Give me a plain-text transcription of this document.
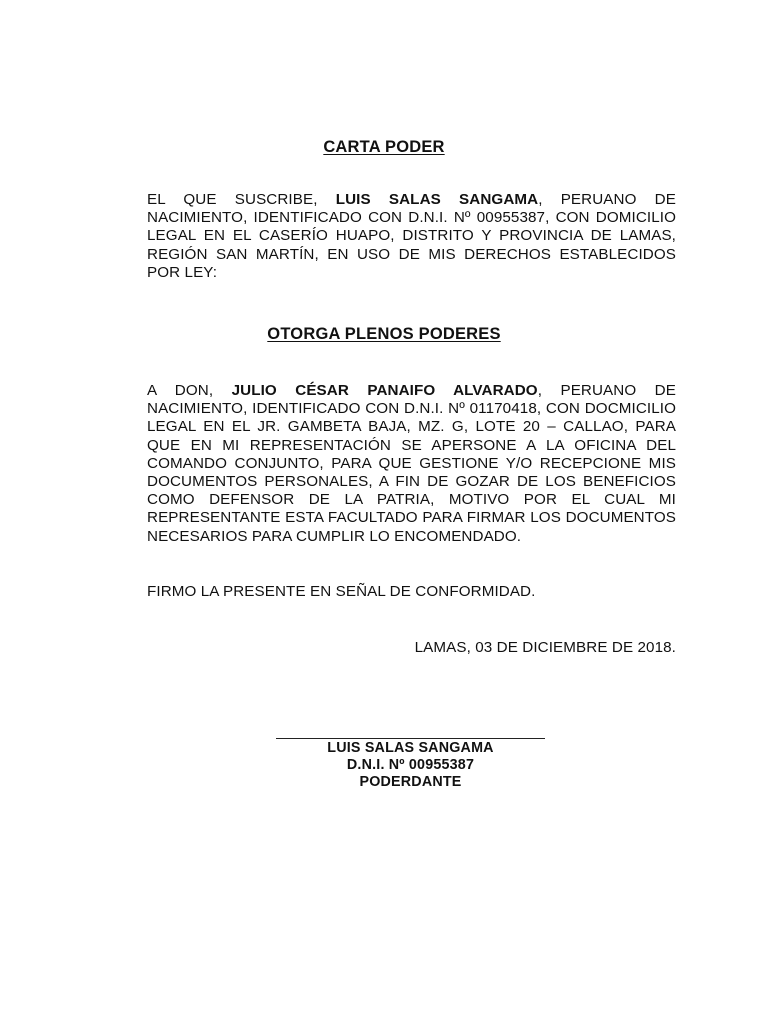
CARTA PODER
EL QUE SUSCRIBE, LUIS SALAS SANGAMA, PERUANO DE NACIMIENTO, IDENTIFICADO CON D.N.I. Nº 00955387, CON DOMICILIO LEGAL EN EL CASERÍO HUAPO, DISTRITO Y PROVINCIA DE LAMAS, REGIÓN SAN MARTÍN, EN USO DE MIS DERECHOS ESTABLECIDOS POR LEY:
OTORGA PLENOS PODERES
A DON, JULIO CÉSAR PANAIFO ALVARADO, PERUANO DE NACIMIENTO, IDENTIFICADO CON D.N.I. Nº 01170418, CON DOCMICILIO LEGAL EN EL JR. GAMBETA BAJA, MZ. G, LOTE 20 – CALLAO, PARA QUE EN MI REPRESENTACIÓN SE APERSONE A LA OFICINA DEL COMANDO CONJUNTO, PARA QUE GESTIONE Y/O RECEPCIONE MIS DOCUMENTOS PERSONALES, A FIN DE GOZAR DE LOS BENEFICIOS COMO DEFENSOR DE LA PATRIA, MOTIVO POR EL CUAL MI REPRESENTANTE ESTA FACULTADO PARA FIRMAR LOS DOCUMENTOS NECESARIOS PARA CUMPLIR LO ENCOMENDADO.
FIRMO LA PRESENTE EN SEÑAL DE CONFORMIDAD.
LAMAS, 03 DE DICIEMBRE DE 2018.
LUIS SALAS SANGAMA
D.N.I. Nº 00955387
PODERDANTE
